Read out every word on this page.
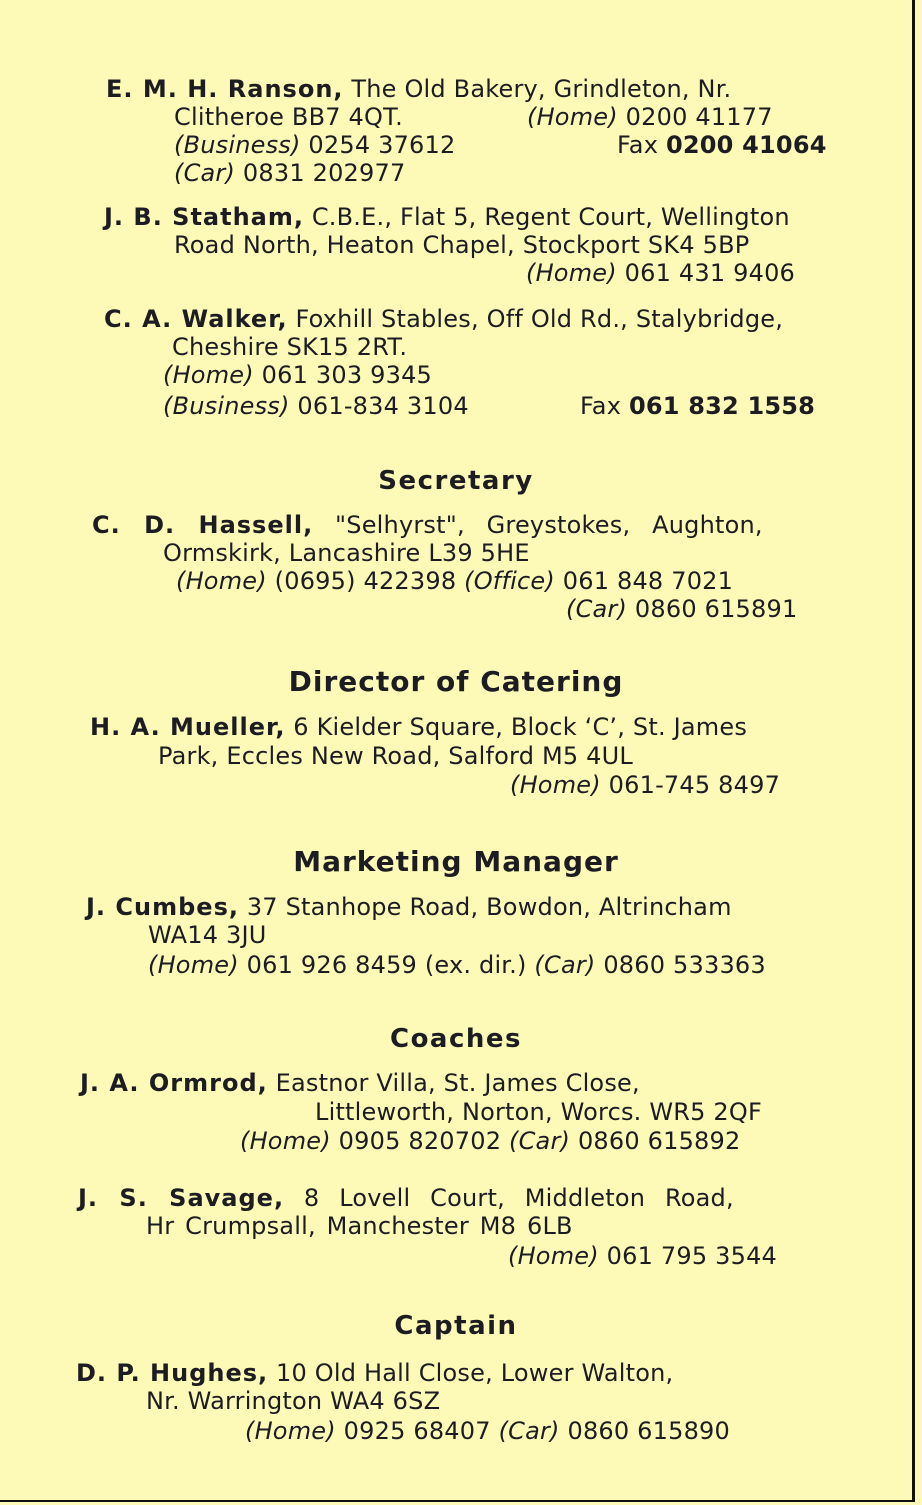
E. M. H. Ranson, The Old Bakery, Grindleton, Nr.
Clitheroe BB7 4QT.	(Home) 0200 41177
(Business) 0254 37612	Fax 0200 41064
(Car) 0831 202977
J. B. Statham, C.B.E., Flat 5, Regent Court, Wellington
Road North, Heaton Chapel, Stockport SK4 5BP
(Home) 061 431 9406
C. A. Walker, Foxhill Stables, Off Old Rd., Stalybridge,
Cheshire SK15 2RT.
(Home) 061 303 9345
(Business) 061-834 3104	Fax 061 832 1558
Secretary
C. D. Hassell, "Selhyrst", Greystokes, Aughton,
Ormskirk, Lancashire L39 5HE
(Home) (0695) 422398 (Office) 061 848 7021
(Car) 0860 615891
Director of Catering
H. A. Mueller, 6 Kielder Square, Block ‘C’, St. James
Park, Eccles New Road, Salford M5 4UL
(Home) 061-745 8497
Marketing Manager
J. Cumbes, 37 Stanhope Road, Bowdon, Altrincham
WA14 3JU
(Home) 061 926 8459 (ex. dir.) (Car) 0860 533363
Coaches
J. A. Ormrod, Eastnor Villa, St. James Close,
Littleworth, Norton, Worcs. WR5 2QF
(Home) 0905 820702 (Car) 0860 615892
J. S. Savage, 8 Lovell Court, Middleton Road,
Hr Crumpsall, Manchester M8 6LB
(Home) 061 795 3544
Captain
D. P. Hughes, 10 Old Hall Close, Lower Walton,
Nr. Warrington WA4 6SZ
(Home) 0925 68407 (Car) 0860 615890
